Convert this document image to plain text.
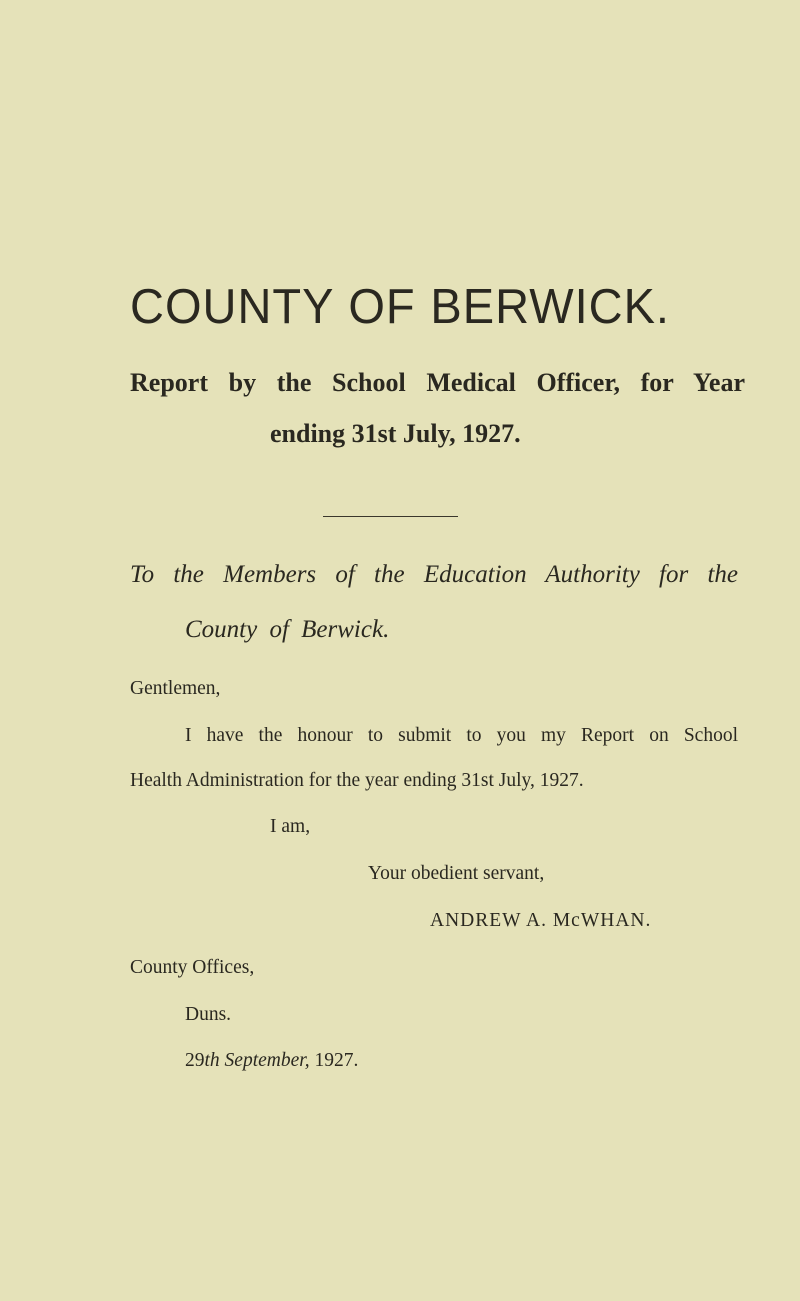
COUNTY OF BERWICK.
Report by the School Medical Officer, for Year
ending 31st July, 1927.
To the Members of the Education Authority for the
County of Berwick.
Gentlemen,
I have the honour to submit to you my Report on School
Health Administration for the year ending 31st July, 1927.
I am,
Your obedient servant,
ANDREW A. McWHAN.
County Offices,
Duns.
29th September, 1927.
